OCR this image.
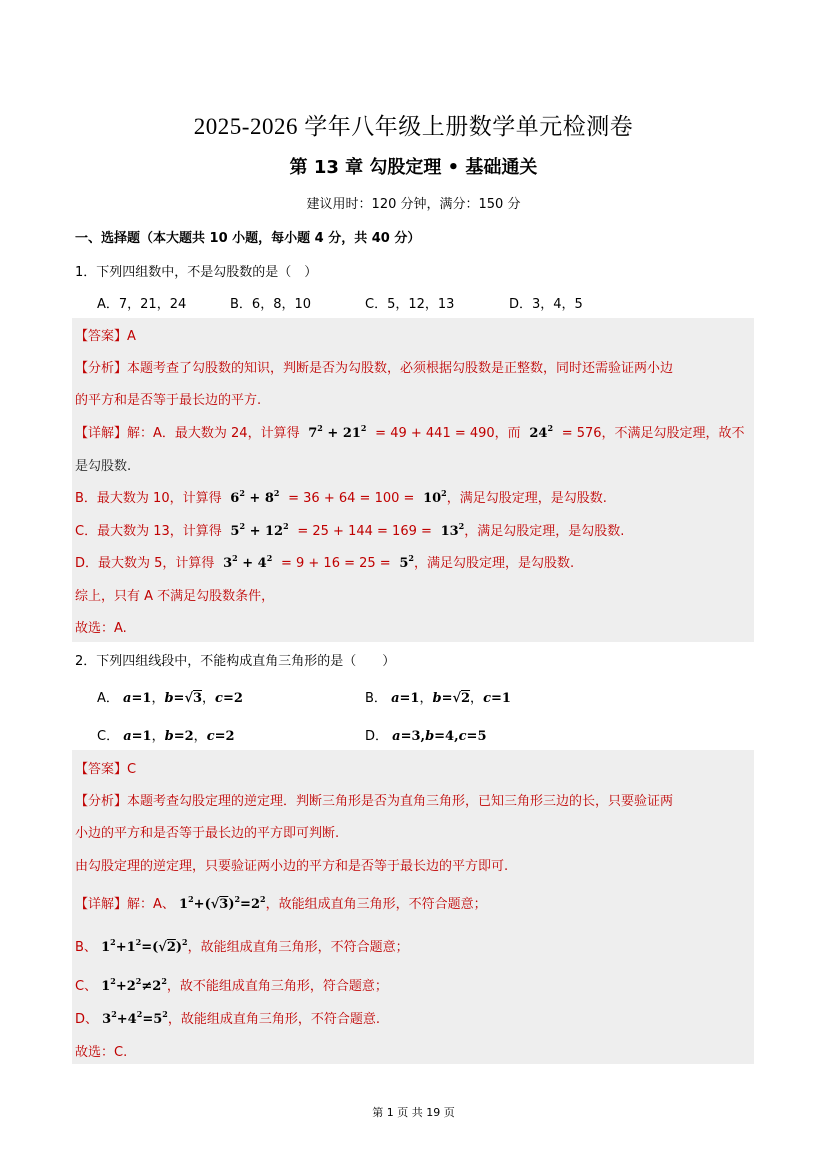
2025-2026 学年八年级上册数学单元检测卷
第 13 章 勾股定理 • 基础通关
建议用时：120 分钟，满分：150 分
一、选择题（本大题共 10 小题，每小题 4 分，共 40 分）
1．下列四组数中，不是勾股数的是（　）
A．7，21，24	B．6，8，10	C．5，12，13	D．3，4，5
【答案】A
【分析】本题考查了勾股数的知识，判断是否为勾股数，必须根据勾股数是正整数，同时还需验证两小边
的平方和是否等于最长边的平方.
【详解】解：A．最大数为 24，计算得  $7^2 + 21^2 = 49 + 441 = 490$，而  $24^2 = 576$，不满足勾股定理，故不
是勾股数.
B．最大数为 10，计算得  $6^2 + 8^2 = 36 + 64 = 100 = 10^2$，满足勾股定理，是勾股数.
C．最大数为 13，计算得  $5^2 + 12^2 = 25 + 144 = 169 = 13^2$，满足勾股定理，是勾股数.
D．最大数为 5，计算得  $3^2 + 4^2 = 9 + 16 = 25 = 5^2$，满足勾股定理，是勾股数.
综上，只有 A 不满足勾股数条件，
故选：A.
2．下列四组线段中，不能构成直角三角形的是（　　）
A． a=1，b=√3，c=2	B． a=1，b=√2，c=1
C． a=1，b=2，c=2	D． a=3,b=4,c=5
【答案】C
【分析】本题考查勾股定理的逆定理．判断三角形是否为直角三角形，已知三角形三边的长，只要验证两
小边的平方和是否等于最长边的平方即可判断.
由勾股定理的逆定理，只要验证两小边的平方和是否等于最长边的平方即可.
【详解】解：A、 $1^2+(√3)^2=2^2$，故能组成直角三角形，不符合题意；
B、 $1^2+1^2=(√2)^2$，故能组成直角三角形，不符合题意；
C、 $1^2+2^2\ne 2^2$，故不能组成直角三角形，符合题意；
D、 $3^2+4^2=5^2$，故能组成直角三角形，不符合题意.
故选：C.
第 1 页 共 19 页
